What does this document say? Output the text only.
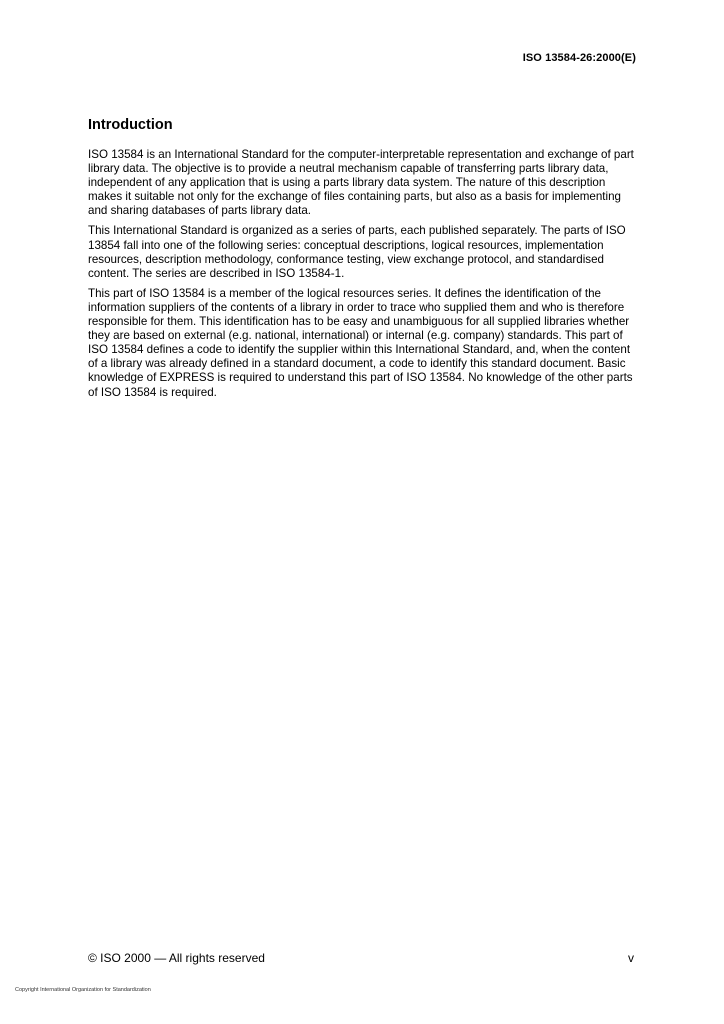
ISO 13584-26:2000(E)
Introduction

ISO 13584 is an International Standard for the computer-interpretable representation and exchange of part library data. The objective is to provide a neutral mechanism capable of transferring parts library data, independent of any application that is using a parts library data system. The nature of this description makes it suitable not only for the exchange of files containing parts, but also as a basis for implementing and sharing databases of parts library data.

This International Standard is organized as a series of parts, each published separately. The parts of ISO 13854 fall into one of the following series: conceptual descriptions, logical resources, implementation resources, description methodology, conformance testing, view exchange protocol, and standardised content. The series are described in ISO 13584-1.

This part of ISO 13584 is a member of the logical resources series. It defines the identification of the information suppliers of the contents of a library in order to trace who supplied them and who is therefore responsible for them. This identification has to be easy and unambiguous for all supplied libraries whether they are based on external (e.g. national, international) or internal (e.g. company) standards. This part of ISO 13584 defines a code to identify the supplier within this International Standard, and, when the content of a library was already defined in a standard document, a code to identify this standard document. Basic knowledge of EXPRESS is required to understand this part of ISO 13584. No knowledge of the other parts of ISO 13584 is required.

© ISO 2000 — All rights reserved	v
Copyright International Organization for Standardization
